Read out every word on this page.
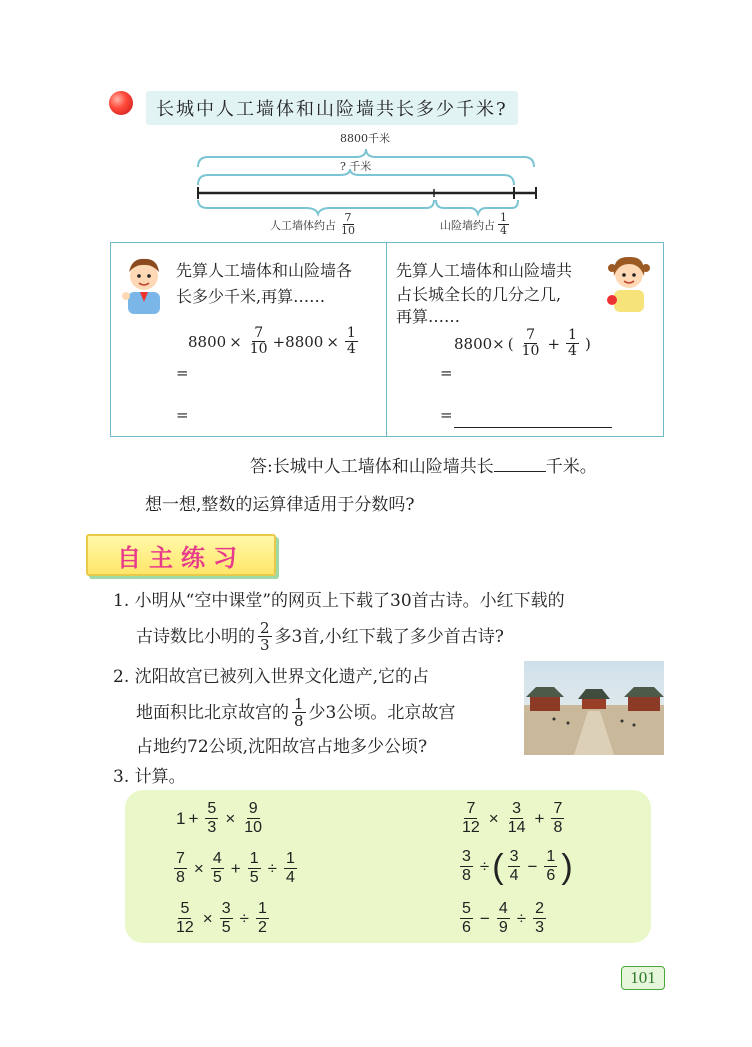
长城中人工墙体和山险墙共长多少千米?
8800千米
? 千米
人工墙体约占 $\frac{7}{10}$	山险墙约占 $\frac{1}{4}$
先算人工墙体和山险墙各
长多少千米,再算……
$8800 \times \frac{7}{10} +8800 \times \frac{1}{4}$
=
=
先算人工墙体和山险墙共
占长城全长的几分之几,
再算……
8800× ( $\frac{7}{10} + \frac{1}{4}$ )
=
=
答:长城中人工墙体和山险墙共长	千米。
想一想,整数的运算律适用于分数吗?
自主练习
1. 小明从“空中课堂”的网页上下载了30首古诗。小红下载的
古诗数比小明的 $\frac{2}{3}$ 多3首,小红下载了多少首古诗?
2. 沈阳故宫已被列入世界文化遗产,它的占
地面积比北京故宫的 $\frac{1}{8}$ 少3公顷。北京故宫
占地约72公顷,沈阳故宫占地多少公顷?
3. 计算。
$1 + \frac{5}{3} \times \frac{9}{10}$	$\frac{7}{12} \times \frac{3}{14} + \frac{7}{8}$
$\frac{7}{8} \times \frac{4}{5} + \frac{1}{5} \div \frac{1}{4}$	$\frac{3}{8}$ ÷ ( $\frac{3}{4} - \frac{1}{6}$ )
$\frac{5}{12} \times \frac{3}{5} \div \frac{1}{2}$	$\frac{5}{6} - \frac{4}{9} \div \frac{2}{3}$
101
